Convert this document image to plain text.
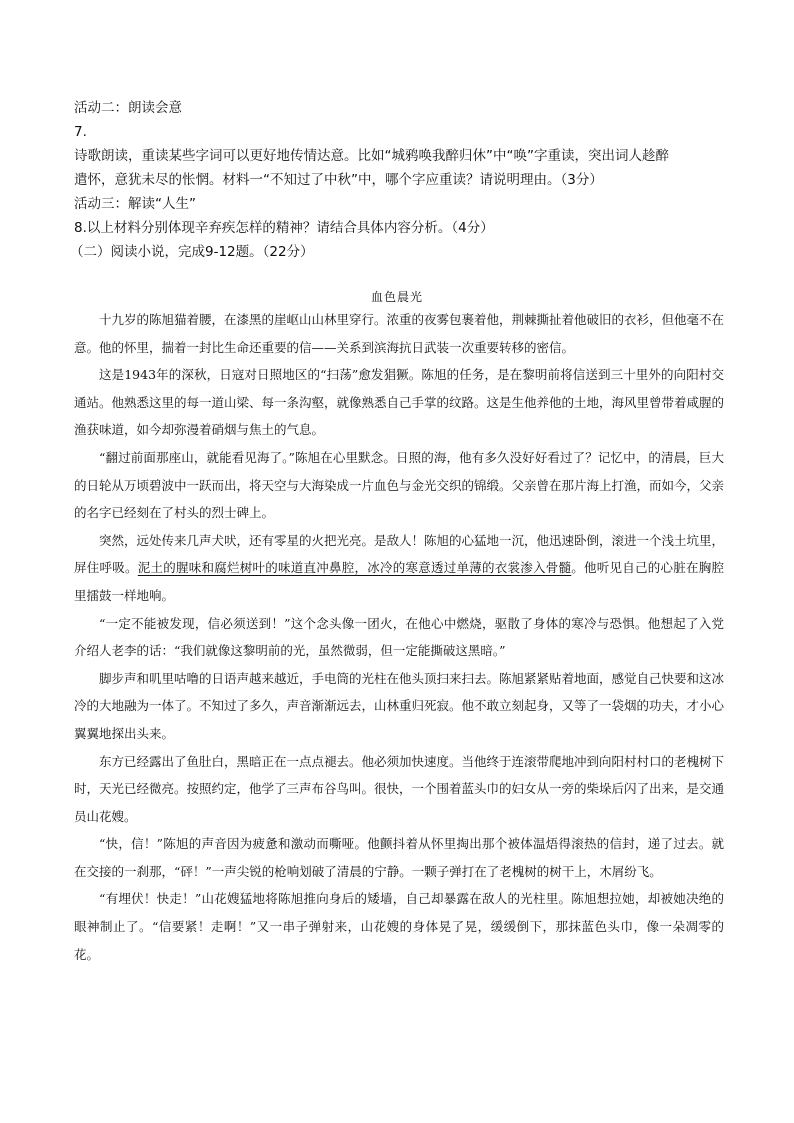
活动二：朗读会意
7.
诗歌朗读，重读某些字词可以更好地传情达意。比如“城鸦唤我醉归休”中“唤”字重读，突出词人趁醉
遣怀，意犹未尽的怅惘。材料一“不知过了中秋”中，哪个字应重读？请说明理由。（3分）
活动三：解读“人生”
8.以上材料分别体现辛弃疾怎样的精神？请结合具体内容分析。（4分）
（二）阅读小说，完成9-12题。（22分）
血色晨光

十九岁的陈旭猫着腰，在漆黑的崖岖山山林里穿行。浓重的夜雾包裹着他，荆棘撕扯着他破旧的衣衫，但他毫不在意。他的怀里，揣着一封比生命还重要的信——关系到滨海抗日武装一次重要转移的密信。

这是1943年的深秋，日寇对日照地区的“扫荡”愈发猖獗。陈旭的任务，是在黎明前将信送到三十里外的向阳村交通站。他熟悉这里的每一道山梁、每一条沟壑，就像熟悉自己手掌的纹路。这是生他养他的土地，海风里曾带着咸腥的渔获味道，如今却弥漫着硝烟与焦土的气息。

“翻过前面那座山，就能看见海了。”陈旭在心里默念。日照的海，他有多久没好好看过了？记忆中，的清晨，巨大的日轮从万顷碧波中一跃而出，将天空与大海染成一片血色与金光交织的锦缎。父亲曾在那片海上打渔，而如今，父亲的名字已经刻在了村头的烈士碑上。

突然，远处传来几声犬吠，还有零星的火把光亮。是敌人！陈旭的心猛地一沉，他迅速卧倒，滚进一个浅土坑里，屏住呼吸。泥土的腥味和腐烂树叶的味道直冲鼻腔，冰冷的寒意透过单薄的衣裳渗入骨髓。他听见自己的心脏在胸腔里擂鼓一样地响。

“一定不能被发现，信必须送到！”这个念头像一团火，在他心中燃烧，驱散了身体的寒冷与恐惧。他想起了入党介绍人老李的话：“我们就像这黎明前的光，虽然微弱，但一定能撕破这黑暗。”

脚步声和叽里咕噜的日语声越来越近，手电筒的光柱在他头顶扫来扫去。陈旭紧紧贴着地面，感觉自己快要和这冰冷的大地融为一体了。不知过了多久，声音渐渐远去，山林重归死寂。他不敢立刻起身，又等了一袋烟的功夫，才小心翼翼地探出头来。

东方已经露出了鱼肚白，黑暗正在一点点褪去。他必须加快速度。当他终于连滚带爬地冲到向阳村村口的老槐树下时，天光已经微亮。按照约定，他学了三声布谷鸟叫。很快，一个围着蓝头巾的妇女从一旁的柴垛后闪了出来，是交通员山花嫂。

“快，信！”陈旭的声音因为疲惫和激动而嘶哑。他颤抖着从怀里掏出那个被体温焐得滚热的信封，递了过去。就在交接的一刹那，“砰！”一声尖锐的枪响划破了清晨的宁静。一颗子弹打在了老槐树的树干上，木屑纷飞。

“有埋伏！快走！”山花嫂猛地将陈旭推向身后的矮墙，自己却暴露在敌人的光柱里。陈旭想拉她，却被她决绝的眼神制止了。“信要紧！走啊！”又一串子弹射来，山花嫂的身体晃了晃，缓缓倒下，那抹蓝色头巾，像一朵凋零的花。
